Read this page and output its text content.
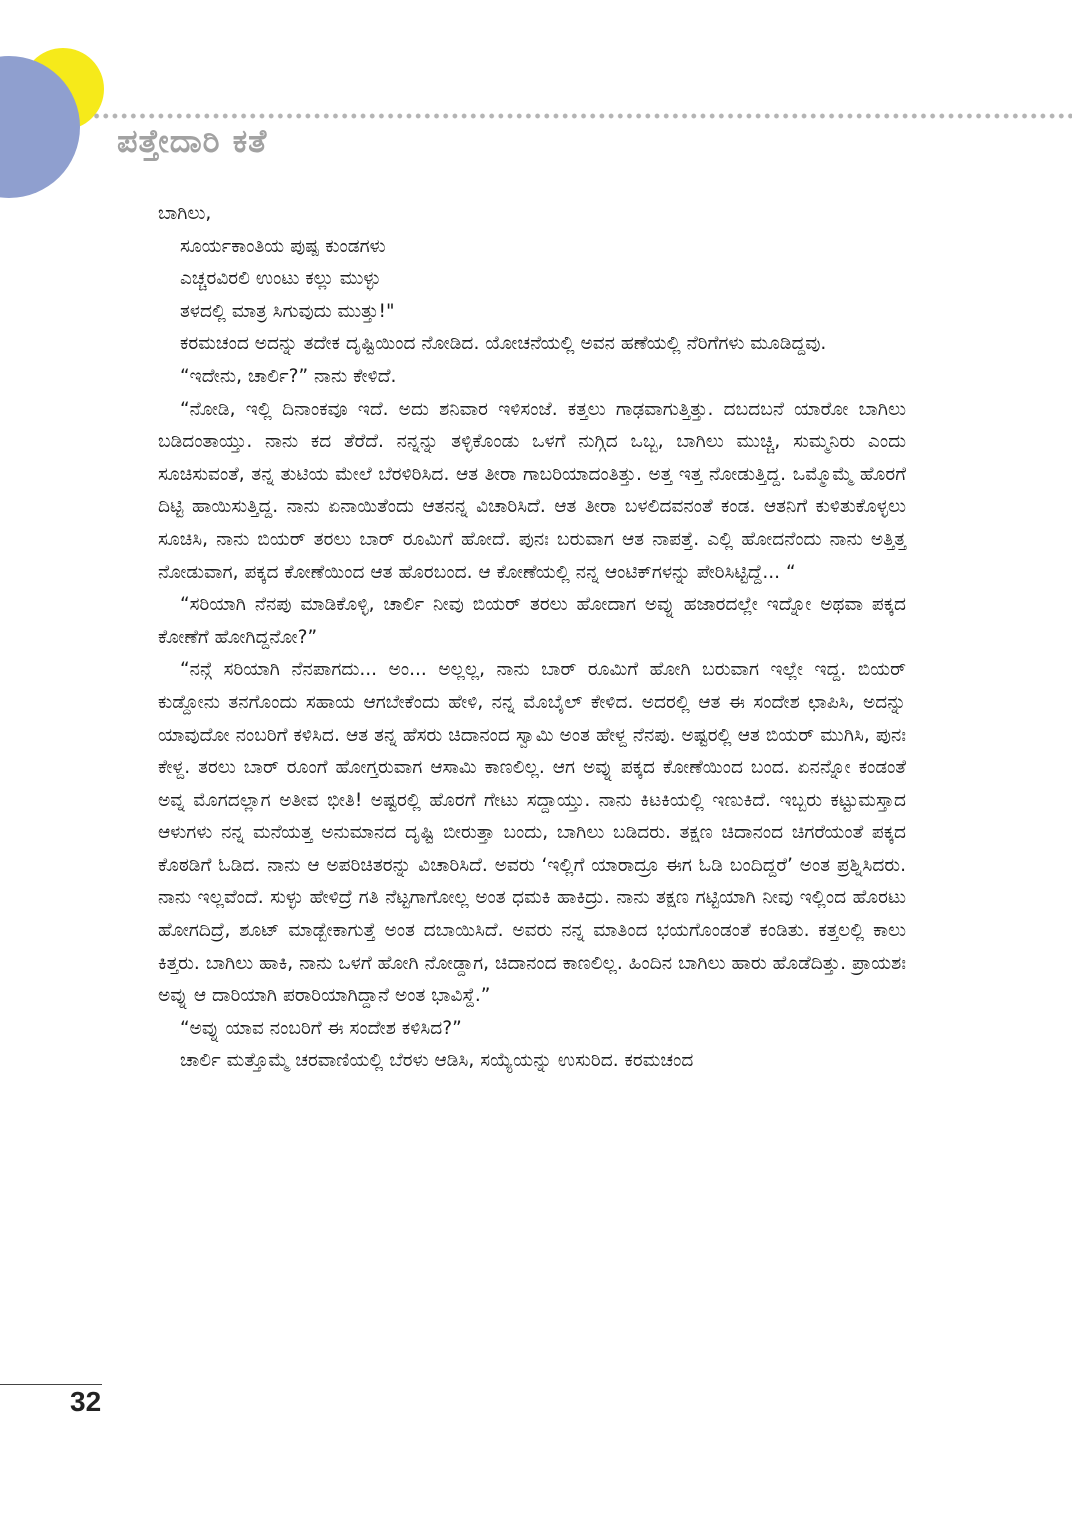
ಪತ್ತೇದಾರಿ ಕತೆ

ಬಾಗಿಲು,

ಸೂರ್ಯಕಾಂತಿಯ ಪುಷ್ಪ ಕುಂಡಗಳು

ಎಚ್ಚರವಿರಲಿ ಉಂಟು ಕಲ್ಲು ಮುಳ್ಳು

ತಳದಲ್ಲಿ ಮಾತ್ರ ಸಿಗುವುದು ಮುತ್ತು!"

ಕರಮಚಂದ ಅದನ್ನು ತದೇಕ ದೃಷ್ಟಿಯಿಂದ ನೋಡಿದ. ಯೋಚನೆಯಲ್ಲಿ ಅವನ ಹಣೆಯಲ್ಲಿ ನೆರಿಗೆಗಳು ಮೂಡಿದ್ದವು.

“ಇದೇನು, ಚಾರ್ಲಿ?” ನಾನು ಕೇಳಿದೆ.

“ನೋಡಿ, ಇಲ್ಲಿ ದಿನಾಂಕವೂ ಇದೆ. ಅದು ಶನಿವಾರ ಇಳಿಸಂಜೆ. ಕತ್ತಲು ಗಾಢವಾಗುತ್ತಿತ್ತು. ದಬದಬನೆ ಯಾರೋ ಬಾಗಿಲು ಬಡಿದಂತಾಯ್ತು. ನಾನು ಕದ ತೆರೆದೆ. ನನ್ನನ್ನು ತಳ್ಳಿಕೊಂಡು ಒಳಗೆ ನುಗ್ಗಿದ ಒಬ್ಬ, ಬಾಗಿಲು ಮುಚ್ಚಿ, ಸುಮ್ಮನಿರು ಎಂದು ಸೂಚಿಸುವಂತೆ, ತನ್ನ ತುಟಿಯ ಮೇಲೆ ಬೆರಳಿರಿಸಿದ. ಆತ ತೀರಾ ಗಾಬರಿಯಾದಂತಿತ್ತು. ಅತ್ತ ಇತ್ತ ನೋಡುತ್ತಿದ್ದ. ಒಮ್ಮೊಮ್ಮೆ ಹೊರಗೆ ದಿಟ್ಟಿ ಹಾಯಿಸುತ್ತಿದ್ದ. ನಾನು ಏನಾಯಿತೆಂದು ಆತನನ್ನ ವಿಚಾರಿಸಿದೆ. ಆತ ತೀರಾ ಬಳಲಿದವನಂತೆ ಕಂಡ. ಆತನಿಗೆ ಕುಳಿತುಕೊಳ್ಳಲು ಸೂಚಿಸಿ, ನಾನು ಬಿಯರ್ ತರಲು ಬಾರ್ ರೂಮಿಗೆ ಹೋದೆ. ಪುನಃ ಬರುವಾಗ ಆತ ನಾಪತ್ತೆ. ಎಲ್ಲಿ ಹೋದನೆಂದು ನಾನು ಅತ್ತಿತ್ತ ನೋಡುವಾಗ, ಪಕ್ಕದ ಕೋಣೆಯಿಂದ ಆತ ಹೊರಬಂದ. ಆ ಕೋಣೆಯಲ್ಲಿ ನನ್ನ ಆಂಟಿಕ್‌ಗಳನ್ನು ಪೇರಿಸಿಟ್ಟಿದ್ದೆ... “

“ಸರಿಯಾಗಿ ನೆನಪು ಮಾಡಿಕೊಳ್ಳಿ, ಚಾರ್ಲಿ ನೀವು ಬಿಯರ್ ತರಲು ಹೋದಾಗ ಅವ್ನು ಹಜಾರದಲ್ಲೇ ಇದ್ನೋ ಅಥವಾ ಪಕ್ಕದ ಕೋಣೆಗೆ ಹೋಗಿದ್ದನೋ?”

“ನನ್ಗೆ ಸರಿಯಾಗಿ ನೆನಪಾಗದು... ಅಂ... ಅಲ್ಲಲ್ಲ, ನಾನು ಬಾರ್ ರೂಮಿಗೆ ಹೋಗಿ ಬರುವಾಗ ಇಲ್ಲೇ ಇದ್ದ. ಬಿಯರ್ ಕುಡ್ದೋನು ತನಗೊಂದು ಸಹಾಯ ಆಗಬೇಕೆಂದು ಹೇಳಿ, ನನ್ನ ಮೊಬೈಲ್ ಕೇಳಿದ. ಅದರಲ್ಲಿ ಆತ ಈ ಸಂದೇಶ ಛಾಪಿಸಿ, ಅದನ್ನು ಯಾವುದೋ ನಂಬರಿಗೆ ಕಳಿಸಿದ. ಆತ ತನ್ನ ಹೆಸರು ಚಿದಾನಂದ ಸ್ವಾಮಿ ಅಂತ ಹೇಳ್ದ ನೆನಪು. ಅಷ್ಟರಲ್ಲಿ ಆತ ಬಿಯರ್ ಮುಗಿಸಿ, ಪುನಃ ಕೇಳ್ದ. ತರಲು ಬಾರ್ ರೂಂಗೆ ಹೋಗ್ತರುವಾಗ ಆಸಾಮಿ ಕಾಣಲಿಲ್ಲ. ಆಗ ಅವ್ನು ಪಕ್ಕದ ಕೋಣೆಯಿಂದ ಬಂದ. ಏನನ್ನೋ ಕಂಡಂತೆ ಅವ್ನ ಮೊಗದಲ್ಲಾಗ ಅತೀವ ಭೀತಿ! ಅಷ್ಟರಲ್ಲಿ ಹೊರಗೆ ಗೇಟು ಸದ್ದಾಯ್ತು. ನಾನು ಕಿಟಕಿಯಲ್ಲಿ ಇಣುಕಿದೆ. ಇಬ್ಬರು ಕಟ್ಟುಮಸ್ತಾದ ಆಳುಗಳು ನನ್ನ ಮನೆಯತ್ತ ಅನುಮಾನದ ದೃಷ್ಟಿ ಬೀರುತ್ತಾ ಬಂದು, ಬಾಗಿಲು ಬಡಿದರು. ತಕ್ಷಣ ಚಿದಾನಂದ ಚಿಗರೆಯಂತೆ ಪಕ್ಕದ ಕೊಠಡಿಗೆ ಓಡಿದ. ನಾನು ಆ ಅಪರಿಚಿತರನ್ನು ವಿಚಾರಿಸಿದೆ. ಅವರು ‘ಇಲ್ಲಿಗೆ ಯಾರಾದ್ರೂ ಈಗ ಓಡಿ ಬಂದಿದ್ದರೆ’ ಅಂತ ಪ್ರಶ್ನಿಸಿದರು. ನಾನು ಇಲ್ಲವೆಂದೆ. ಸುಳ್ಳು ಹೇಳಿದ್ರೆ ಗತಿ ನೆಟ್ಟಗಾಗೋಲ್ಲ ಅಂತ ಧಮಕಿ ಹಾಕಿದ್ರು. ನಾನು ತಕ್ಷಣ ಗಟ್ಟಿಯಾಗಿ ನೀವು ಇಲ್ಲಿಂದ ಹೊರಟು ಹೋಗದಿದ್ರೆ, ಶೂಟ್ ಮಾಡ್ಬೇಕಾಗುತ್ತೆ ಅಂತ ದಬಾಯಿಸಿದೆ. ಅವರು ನನ್ನ ಮಾತಿಂದ ಭಯಗೊಂಡಂತೆ ಕಂಡಿತು. ಕತ್ತಲಲ್ಲಿ ಕಾಲು ಕಿತ್ತರು. ಬಾಗಿಲು ಹಾಕಿ, ನಾನು ಒಳಗೆ ಹೋಗಿ ನೋಡ್ದಾಗ, ಚಿದಾನಂದ ಕಾಣಲಿಲ್ಲ. ಹಿಂದಿನ ಬಾಗಿಲು ಹಾರು ಹೊಡೆದಿತ್ತು. ಪ್ರಾಯಶಃ ಅವ್ನು ಆ ದಾರಿಯಾಗಿ ಪರಾರಿಯಾಗಿದ್ದಾನೆ ಅಂತ ಭಾವಿಸ್ದೆ.”

“ಅವ್ನು ಯಾವ ನಂಬರಿಗೆ ಈ ಸಂದೇಶ ಕಳಿಸಿದ?”

ಚಾರ್ಲಿ ಮತ್ತೊಮ್ಮೆ ಚರವಾಣಿಯಲ್ಲಿ ಬೆರಳು ಆಡಿಸಿ, ಸಯ್ಯೆಯನ್ನು ಉಸುರಿದ. ಕರಮಚಂದ

32
